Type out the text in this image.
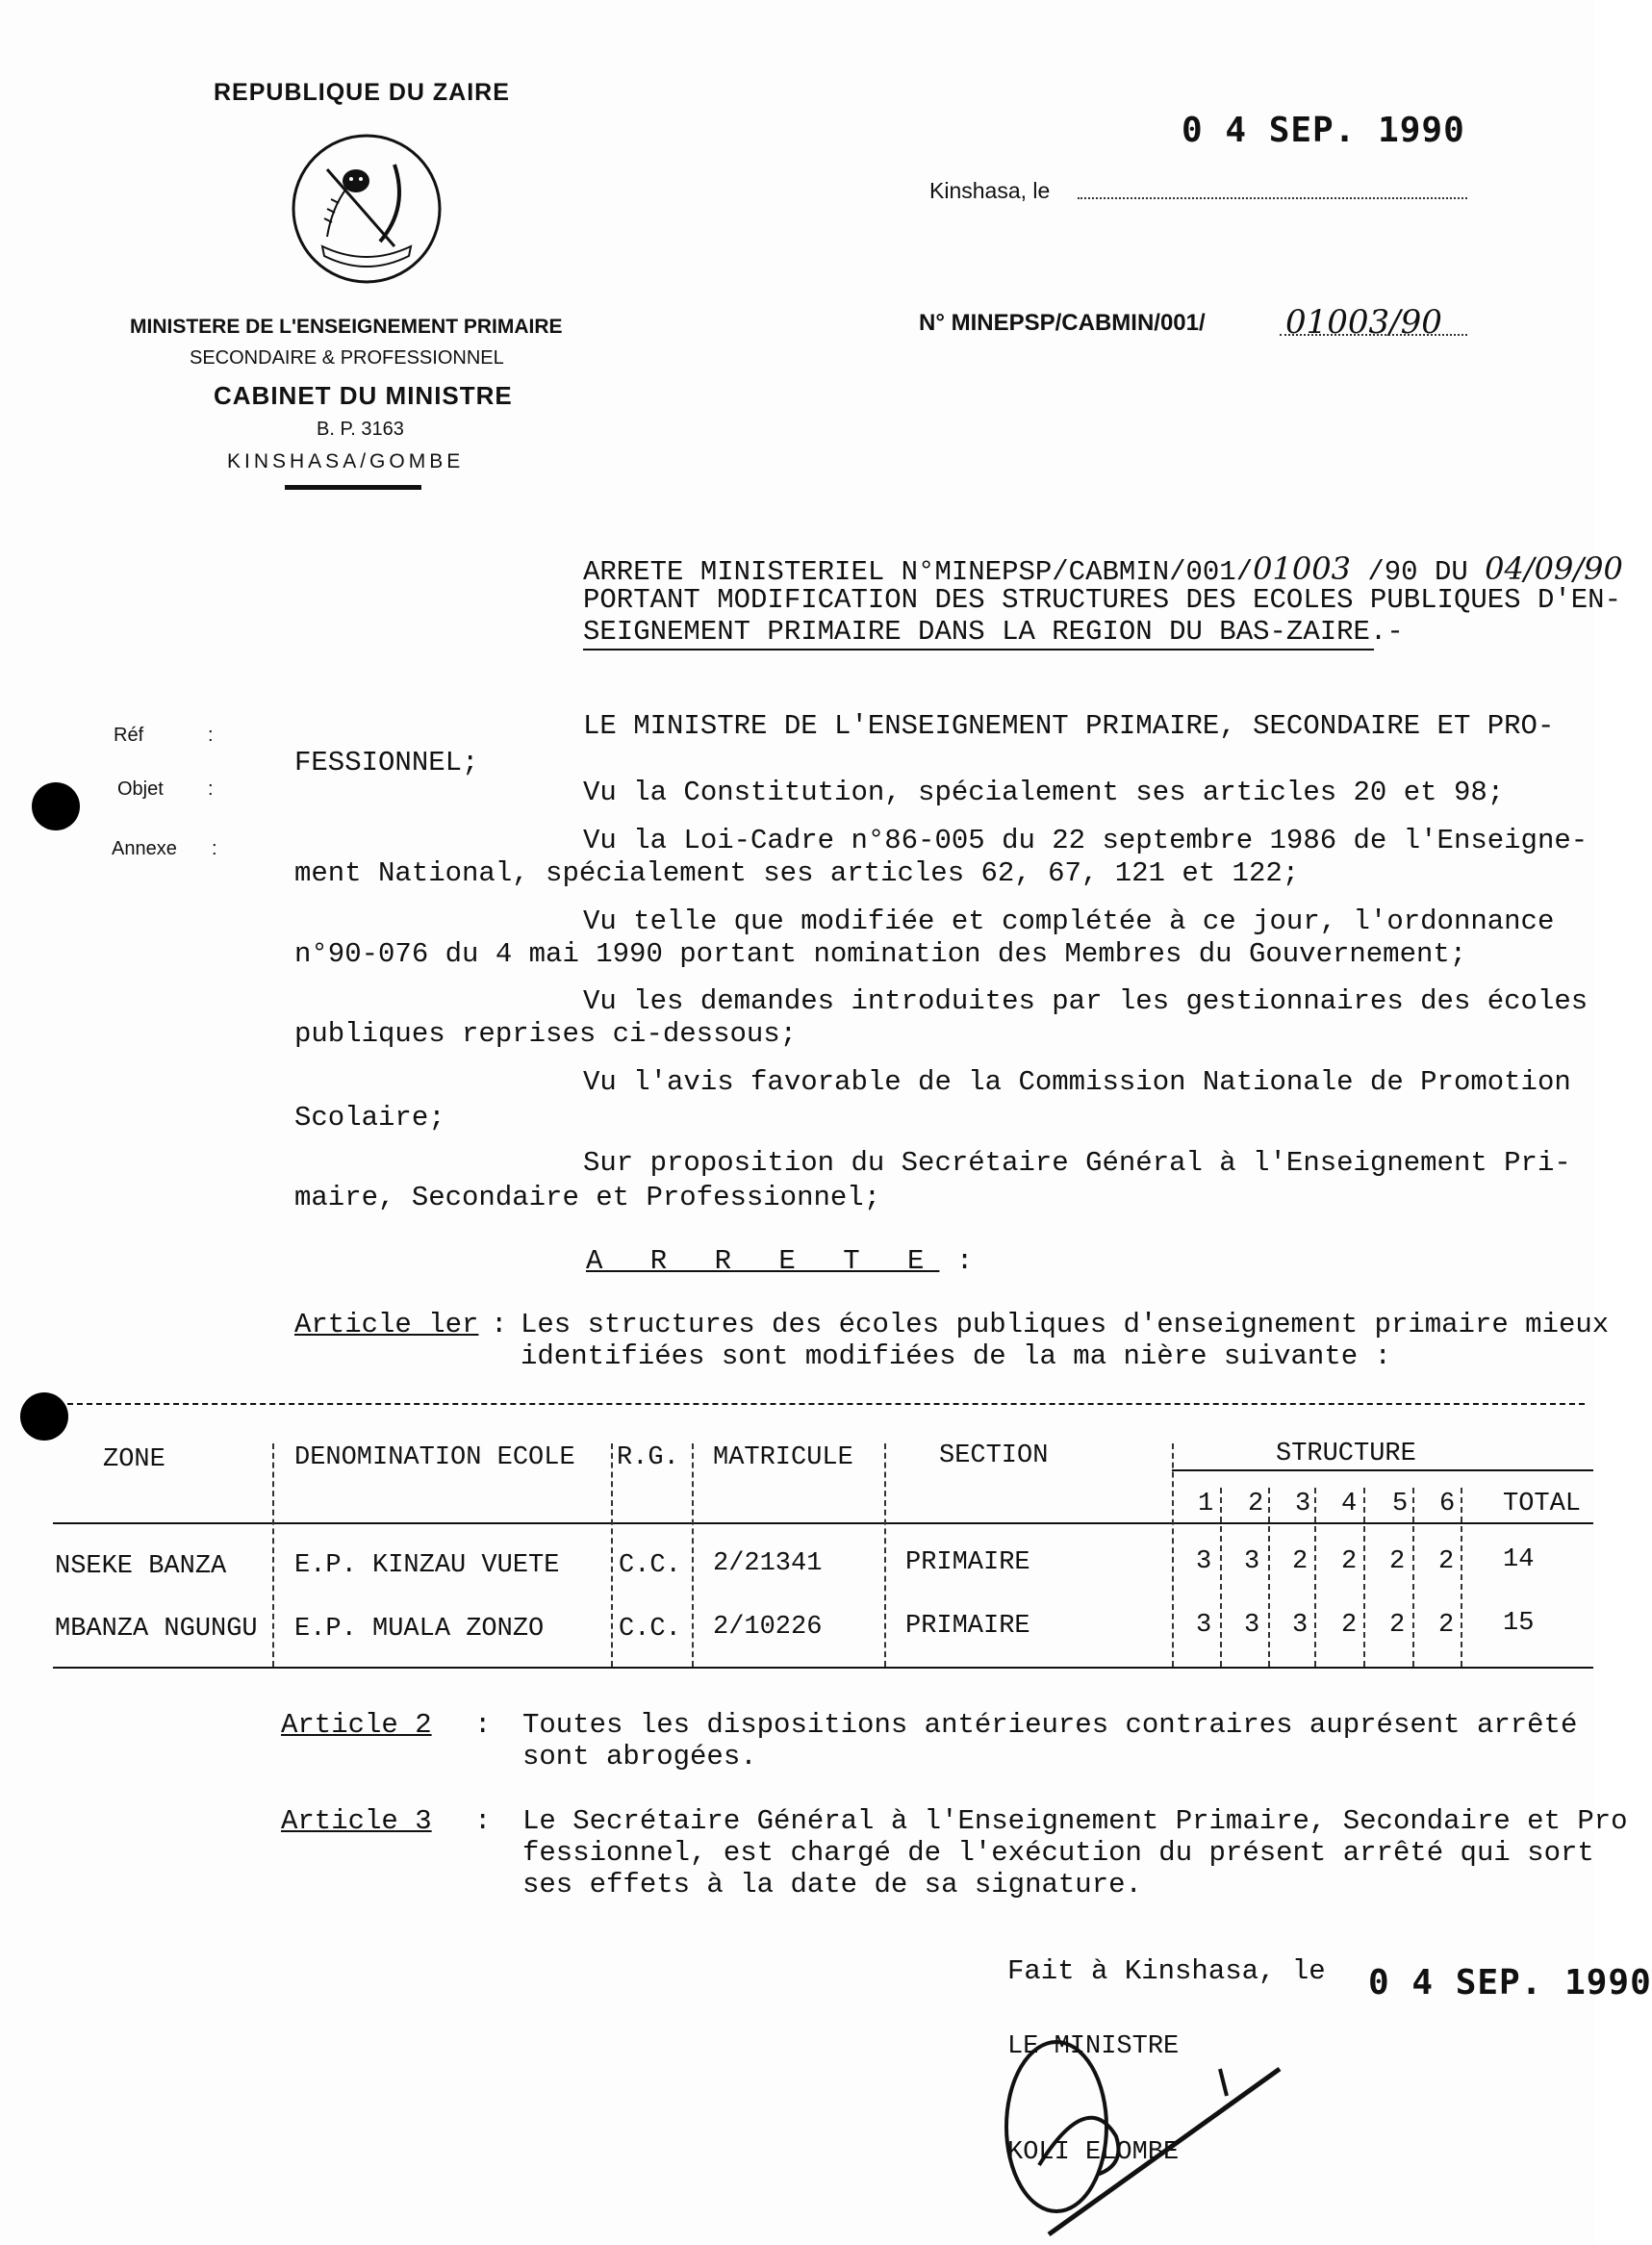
REPUBLIQUE DU ZAIRE
MINISTERE DE L'ENSEIGNEMENT PRIMAIRE
SECONDAIRE & PROFESSIONNEL
CABINET DU MINISTRE
B. P. 3163
KINSHASA/GOMBE
0 4 SEP. 1990
Kinshasa, le
N° MINEPSP/CABMIN/001/ 01003/90
ARRETE MINISTERIEL N°MINEPSP/CABMIN/001/01003 /90 DU 04/09/90
PORTANT MODIFICATION DES STRUCTURES DES ECOLES PUBLIQUES D'EN-
SEIGNEMENT PRIMAIRE DANS LA REGION DU BAS-ZAIRE.-
Réf	:
Objet :
Annexe :
LE MINISTRE DE L'ENSEIGNEMENT PRIMAIRE, SECONDAIRE ET PRO-
FESSIONNEL;
Vu la Constitution, spécialement ses articles 20 et 98;
Vu la Loi-Cadre n°86-005 du 22 septembre 1986 de l'Enseigne-
ment National, spécialement ses articles 62, 67, 121 et 122;
Vu telle que modifiée et complétée à ce jour, l'ordonnance
n°90-076 du 4 mai 1990 portant nomination des Membres du Gouvernement;
Vu les demandes introduites par les gestionnaires des écoles
publiques reprises ci-dessous;
Vu l'avis favorable de la Commission Nationale de Promotion
Scolaire;
Sur proposition du Secrétaire Général à l'Enseignement Pri-
maire, Secondaire et Professionnel;
A R R E T E :
Article ler : Les structures des écoles publiques d'enseignement primaire mieux
identifiées sont modifiées de la ma nière suivante :
ZONE	DENOMINATION ECOLE R.G. MATRICULE	SECTION	STRUCTURE
1 2 3 4 5 6 TOTAL
NSEKE BANZA	E.P. KINZAU VUETE C.C. 2/21341	PRIMAIRE	3 3 2 2 2 2 14
MBANZA NGUNGU E.P. MUALA ZONZO	C.C. 2/10226	PRIMAIRE	3 3 3 2 2 2 15
Article 2 : Toutes les dispositions antérieures contraires auprésent arrêté
sont abrogées.
Article 3 : Le Secrétaire Général à l'Enseignement Primaire, Secondaire et Pro
fessionnel, est chargé de l'exécution du présent arrêté qui sort
ses effets à la date de sa signature.
Fait à Kinshasa, le 0 4 SEP. 1990
LE MINISTRE
KOLI ELOMBE
